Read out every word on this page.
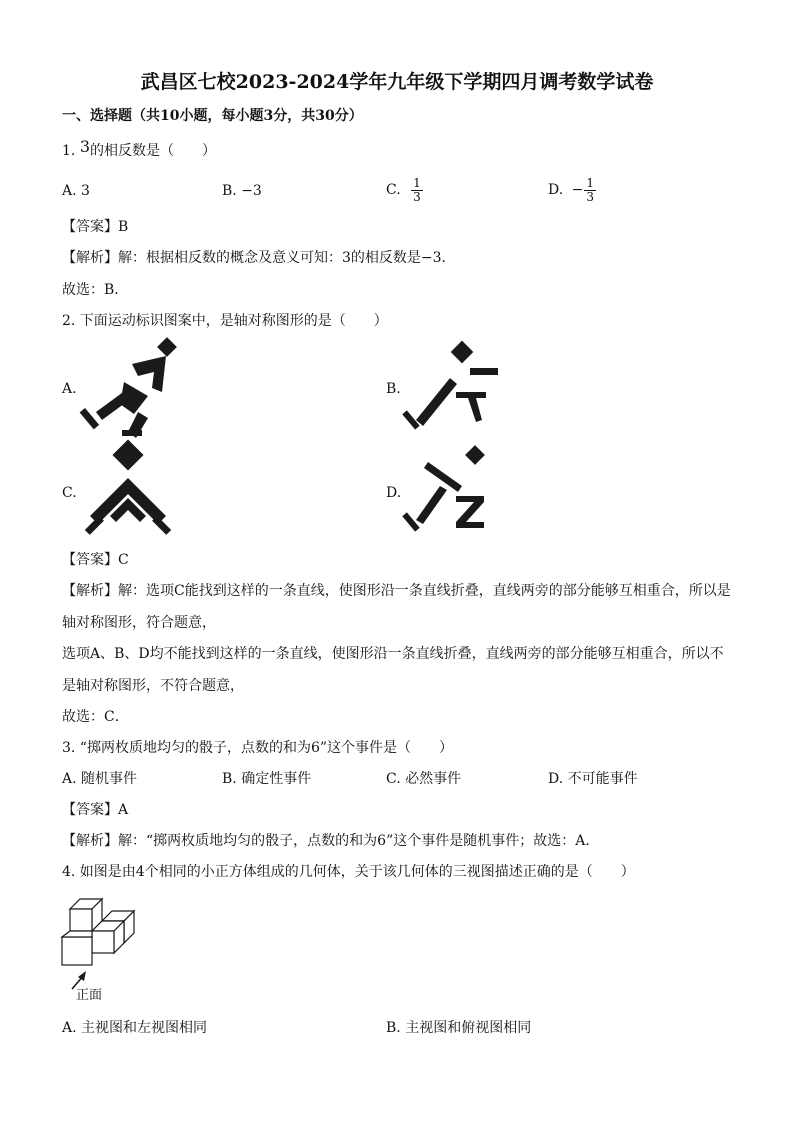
武昌区七校2023-2024学年九年级下学期四月调考数学试卷
一、选择题（共10小题，每小题3分，共30分）
1. 3的相反数是（　　）
A. 3	B. −3	C. $\frac{1}{3}$	D. − $\frac{1}{3}$
【答案】B
【解析】解：根据相反数的概念及意义可知：3的相反数是−3．
故选：B．
2. 下面运动标识图案中，是轴对称图形的是（　　）
A.	B.
C.	D.
【答案】C
【解析】解：选项C能找到这样的一条直线，使图形沿一条直线折叠，直线两旁的部分能够互相重合，所以是
轴对称图形，符合题意，
选项A、B、D均不能找到这样的一条直线，使图形沿一条直线折叠，直线两旁的部分能够互相重合，所以不
是轴对称图形，不符合题意，
故选：C．
3. “掷两枚质地均匀的骰子，点数的和为6”这个事件是（　　）
A. 随机事件	B. 确定性事件	C. 必然事件	D. 不可能事件
【答案】A
【解析】解：“掷两枚质地均匀的骰子，点数的和为6”这个事件是随机事件；故选：A．
4. 如图是由4个相同的小正方体组成的几何体，关于该几何体的三视图描述正确的是（　　）
正面
A. 主视图和左视图相同	B. 主视图和俯视图相同
